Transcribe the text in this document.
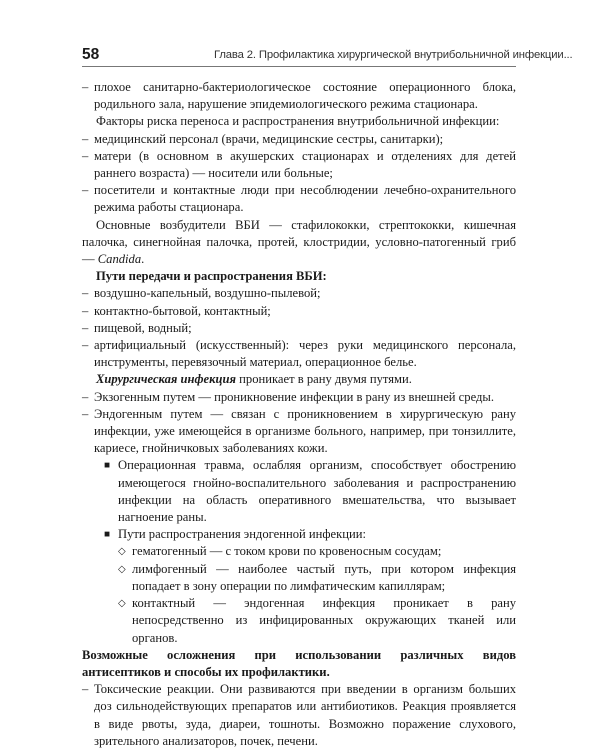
58	Глава 2. Профилактика хирургической внутрибольничной инфекции...
– плохое санитарно-бактериологическое состояние операционного блока, родильного зала, нарушение эпидемиологического режима стационара.

Факторы риска переноса и распространения внутрибольничной инфекции:

– медицинский персонал (врачи, медицинские сестры, санитарки);
– матери (в основном в акушерских стационарах и отделениях для детей раннего возраста) — носители или больные;
– посетители и контактные люди при несоблюдении лечебно-охранительного режима работы стационара.

Основные возбудители ВБИ — стафилококки, стрептококки, кишечная палочка, синегнойная палочка, протей, клостридии, условно-патогенный гриб — Candida.

Пути передачи и распространения ВБИ:

– воздушно-капельный, воздушно-пылевой;
– контактно-бытовой, контактный;
– пищевой, водный;
– артифициальный (искусственный): через руки медицинского персонала, инструменты, перевязочный материал, операционное белье.

Хирургическая инфекция проникает в рану двумя путями.

– Экзогенным путем — проникновение инфекции в рану из внешней среды.
– Эндогенным путем — связан с проникновением в хирургическую рану инфекции, уже имеющейся в организме больного, например, при тонзиллите, кариесе, гнойничковых заболеваниях кожи.
■ Операционная травма, ослабляя организм, способствует обострению имеющегося гнойно-воспалительного заболевания и распространению инфекции на область оперативного вмешательства, что вызывает нагноение раны.
■ Пути распространения эндогенной инфекции:
◇ гематогенный — с током крови по кровеносным сосудам;
◇ лимфогенный — наиболее частый путь, при котором инфекция попадает в зону операции по лимфатическим капиллярам;
◇ контактный — эндогенная инфекция проникает в рану непосредственно из инфицированных окружающих тканей или органов.

Возможные осложнения при использовании различных видов антисептиков и способы их профилактики.

– Токсические реакции. Они развиваются при введении в организм больших доз сильнодействующих препаратов или антибиотиков. Реакция проявляется в виде рвоты, зуда, диареи, тошноты. Возможно поражение слухового, зрительного анализаторов, почек, печени.
